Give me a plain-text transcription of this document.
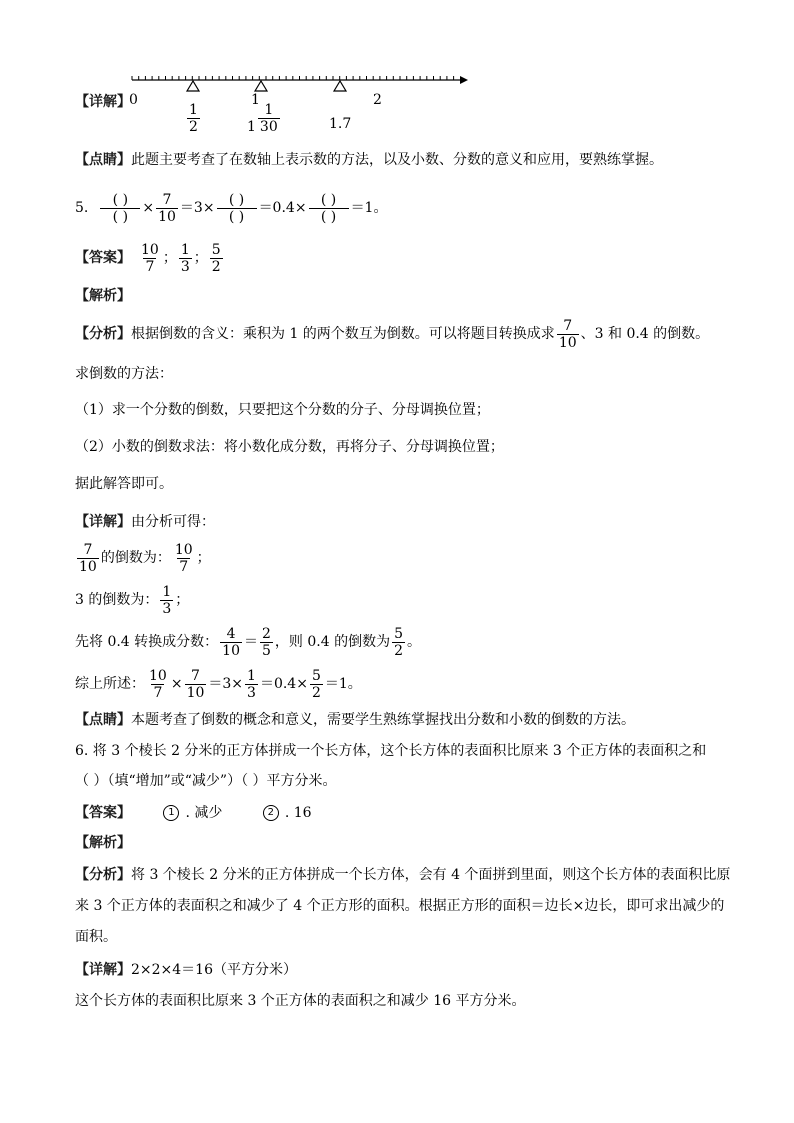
【详解】
0	1	2
$\frac{1}{2}$	$1 \frac{1}{30}$	1.7
【点睛】此题主要考查了在数轴上表示数的方法，以及小数、分数的意义和应用，要熟练掌握。
5. $\frac{( )}{( )} \times \frac{7}{10} =3\times \frac{( )}{( )} =0.4\times \frac{( )}{( )} =1$。
【答案】 $\frac{10}{7}$ ； $\frac{1}{3}$ ； $\frac{5}{2}$
【解析】
【分析】 根据倒数的含义：乘积为 1 的两个数互为倒数。可以将题目转换成求 $\frac{7}{10}$ 、3 和 0.4 的倒数。
求倒数的方法：
（1）求一个分数的倒数，只要把这个分数的分子、分母调换位置；
（2）小数的倒数求法：将小数化成分数，再将分子、分母调换位置；
据此解答即可。
【详解】由分析可得：
$\frac{7}{10}$ 的倒数为： $\frac{10}{7}$ ；
3 的倒数为： $\frac{1}{3}$ ；
先将 0.4 转换成分数： $\frac{4}{10} = \frac{2}{5}$ ，则 0.4 的倒数为 $\frac{5}{2}$ 。
综上所述： $\frac{10}{7} \times \frac{7}{10} =3\times \frac{1}{3} =0.4\times \frac{5}{2} =1$。
【点睛】本题考查了倒数的概念和意义，需要学生熟练掌握找出分数和小数的倒数的方法。
6. 将 3 个棱长 2 分米的正方体拼成一个长方体，这个长方体的表面积比原来 3 个正方体的表面积之和
（ ）（填“增加”或“减少”）（ ）平方分米。
【答案】	1 . 减少	2 . 16
【解析】
【分析】将 3 个棱长 2 分米的正方体拼成一个长方体，会有 4 个面拼到里面，则这个长方体的表面积比原
来 3 个正方体的表面积之和减少了 4 个正方形的面积。根据正方形的面积＝边长×边长，即可求出减少的
面积。
【详解】2×2×4＝16（平方分米）
这个长方体的表面积比原来 3 个正方体的表面积之和减少 16 平方分米。
